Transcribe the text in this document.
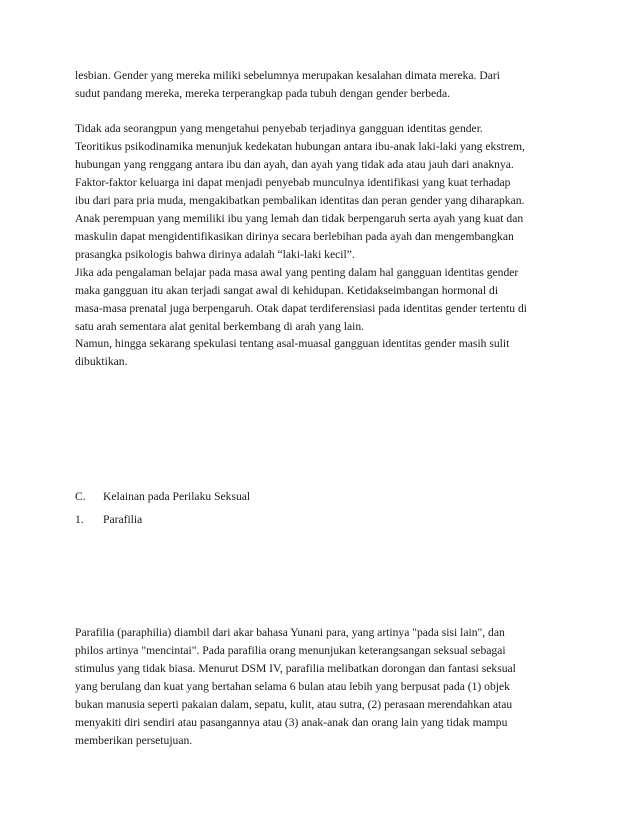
lesbian. Gender yang mereka miliki sebelumnya merupakan kesalahan dimata mereka. Dari
sudut pandang mereka, mereka terperangkap pada tubuh dengan gender berbeda.

Tidak ada seorangpun yang mengetahui penyebab terjadinya gangguan identitas gender.
Teoritikus psikodinamika menunjuk kedekatan hubungan antara ibu-anak laki-laki yang ekstrem,
hubungan yang renggang antara ibu dan ayah, dan ayah yang tidak ada atau jauh dari anaknya.
Faktor-faktor keluarga ini dapat menjadi penyebab munculnya identifikasi yang kuat terhadap
ibu dari para pria muda, mengakibatkan pembalikan identitas dan peran gender yang diharapkan.
Anak perempuan yang memiliki ibu yang lemah dan tidak berpengaruh serta ayah yang kuat dan
maskulin dapat mengidentifikasikan dirinya secara berlebihan pada ayah dan mengembangkan
prasangka psikologis bahwa dirinya adalah “laki-laki kecil”.

Jika ada pengalaman belajar pada masa awal yang penting dalam hal gangguan identitas gender
maka gangguan itu akan terjadi sangat awal di kehidupan. Ketidakseimbangan hormonal di
masa-masa prenatal juga berpengaruh. Otak dapat terdiferensiasi pada identitas gender tertentu di
satu arah sementara alat genital berkembang di arah yang lain.

Namun, hingga sekarang spekulasi tentang asal-muasal gangguan identitas gender masih sulit
dibuktikan.

C. Kelainan pada Perilaku Seksual

1. Parafilia

Parafilia (paraphilia) diambil dari akar bahasa Yunani para, yang artinya "pada sisi lain", dan
philos artinya "mencintai". Pada parafilia orang menunjukan keterangsangan seksual sebagai
stimulus yang tidak biasa. Menurut DSM IV, parafilia melibatkan dorongan dan fantasi seksual
yang berulang dan kuat yang bertahan selama 6 bulan atau lebih yang berpusat pada (1) objek
bukan manusia seperti pakaian dalam, sepatu, kulit, atau sutra, (2) perasaan merendahkan atau
menyakiti diri sendiri atau pasangannya atau (3) anak-anak dan orang lain yang tidak mampu
memberikan persetujuan.
